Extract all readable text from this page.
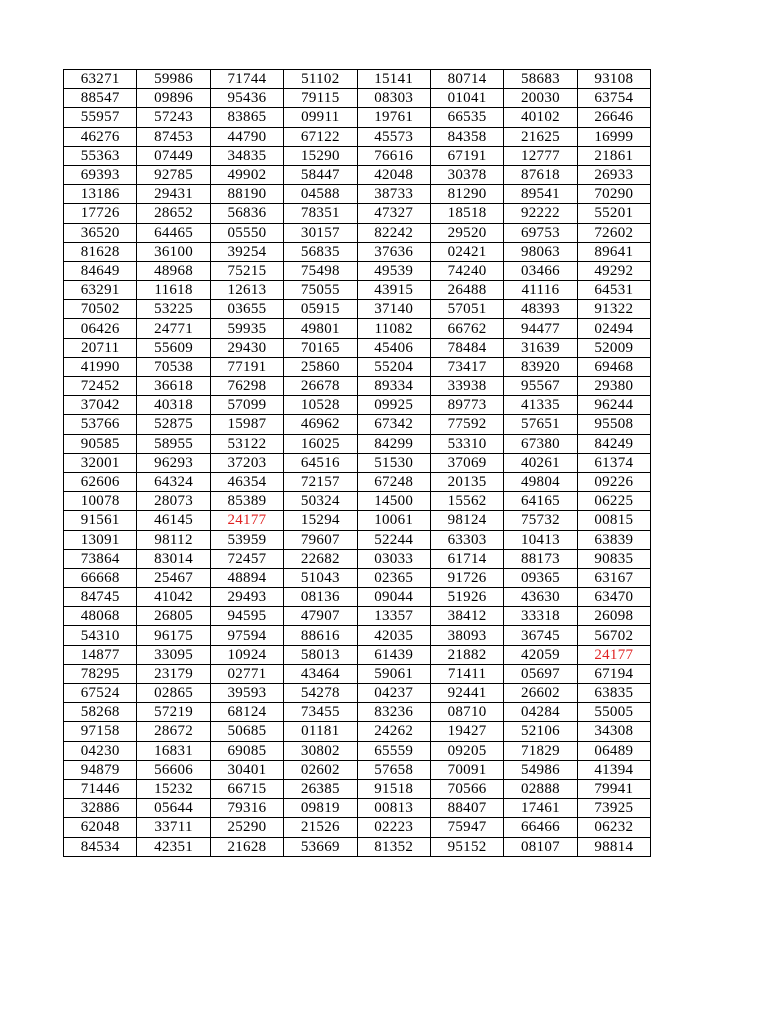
63271	59986	71744	51102	15141	80714	58683	93108
88547	09896	95436	79115	08303	01041	20030	63754
55957	57243	83865	09911	19761	66535	40102	26646
46276	87453	44790	67122	45573	84358	21625	16999
55363	07449	34835	15290	76616	67191	12777	21861
69393	92785	49902	58447	42048	30378	87618	26933
13186	29431	88190	04588	38733	81290	89541	70290
17726	28652	56836	78351	47327	18518	92222	55201
36520	64465	05550	30157	82242	29520	69753	72602
81628	36100	39254	56835	37636	02421	98063	89641
84649	48968	75215	75498	49539	74240	03466	49292
63291	11618	12613	75055	43915	26488	41116	64531
70502	53225	03655	05915	37140	57051	48393	91322
06426	24771	59935	49801	11082	66762	94477	02494
20711	55609	29430	70165	45406	78484	31639	52009
41990	70538	77191	25860	55204	73417	83920	69468
72452	36618	76298	26678	89334	33938	95567	29380
37042	40318	57099	10528	09925	89773	41335	96244
53766	52875	15987	46962	67342	77592	57651	95508
90585	58955	53122	16025	84299	53310	67380	84249
32001	96293	37203	64516	51530	37069	40261	61374
62606	64324	46354	72157	67248	20135	49804	09226
10078	28073	85389	50324	14500	15562	64165	06225
91561	46145	24177	15294	10061	98124	75732	00815
13091	98112	53959	79607	52244	63303	10413	63839
73864	83014	72457	22682	03033	61714	88173	90835
66668	25467	48894	51043	02365	91726	09365	63167
84745	41042	29493	08136	09044	51926	43630	63470
48068	26805	94595	47907	13357	38412	33318	26098
54310	96175	97594	88616	42035	38093	36745	56702
14877	33095	10924	58013	61439	21882	42059	24177
78295	23179	02771	43464	59061	71411	05697	67194
67524	02865	39593	54278	04237	92441	26602	63835
58268	57219	68124	73455	83236	08710	04284	55005
97158	28672	50685	01181	24262	19427	52106	34308
04230	16831	69085	30802	65559	09205	71829	06489
94879	56606	30401	02602	57658	70091	54986	41394
71446	15232	66715	26385	91518	70566	02888	79941
32886	05644	79316	09819	00813	88407	17461	73925
62048	33711	25290	21526	02223	75947	66466	06232
84534	42351	21628	53669	81352	95152	08107	98814
